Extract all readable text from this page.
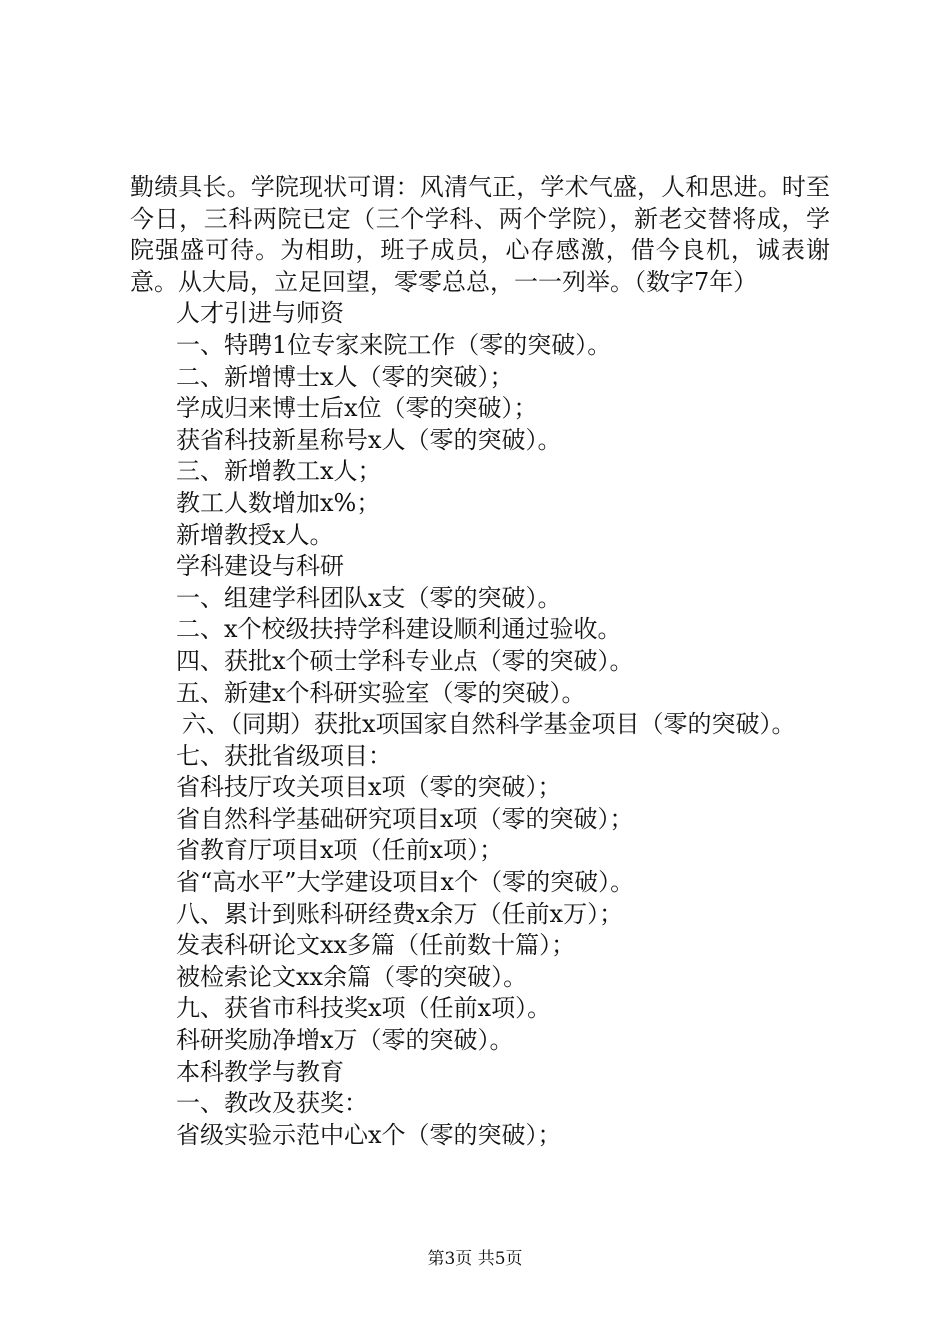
勤绩具长。学院现状可谓：风清气正，学术气盛，人和思进。时至今日，三科两院已定（三个学科、两个学院），新老交替将成，学院强盛可待。为相助，班子成员，心存感激，借今良机，诚表谢意。从大局，立足回望，零零总总，一一列举。（数字7年）

人才引进与师资

一、特聘1位专家来院工作（零的突破）。

二、新增博士x人（零的突破）；

学成归来博士后x位（零的突破）；

获省科技新星称号x人（零的突破）。

三、新增教工x人；

教工人数增加x%；

新增教授x人。

学科建设与科研

一、组建学科团队x支（零的突破）。

二、x个校级扶持学科建设顺利通过验收。

四、获批x个硕士学科专业点（零的突破）。

五、新建x个科研实验室（零的突破）。

六、（同期）获批x项国家自然科学基金项目（零的突破）。

七、获批省级项目：

省科技厅攻关项目x项（零的突破）；

省自然科学基础研究项目x项（零的突破）；

省教育厅项目x项（任前x项）；

省“高水平”大学建设项目x个（零的突破）。

八、累计到账科研经费x余万（任前x万）；

发表科研论文xx多篇（任前数十篇）；

被检索论文xx余篇（零的突破）。

九、获省市科技奖x项（任前x项）。

科研奖励净增x万（零的突破）。

本科教学与教育

一、教改及获奖：

省级实验示范中心x个（零的突破）；

第3页 共5页
